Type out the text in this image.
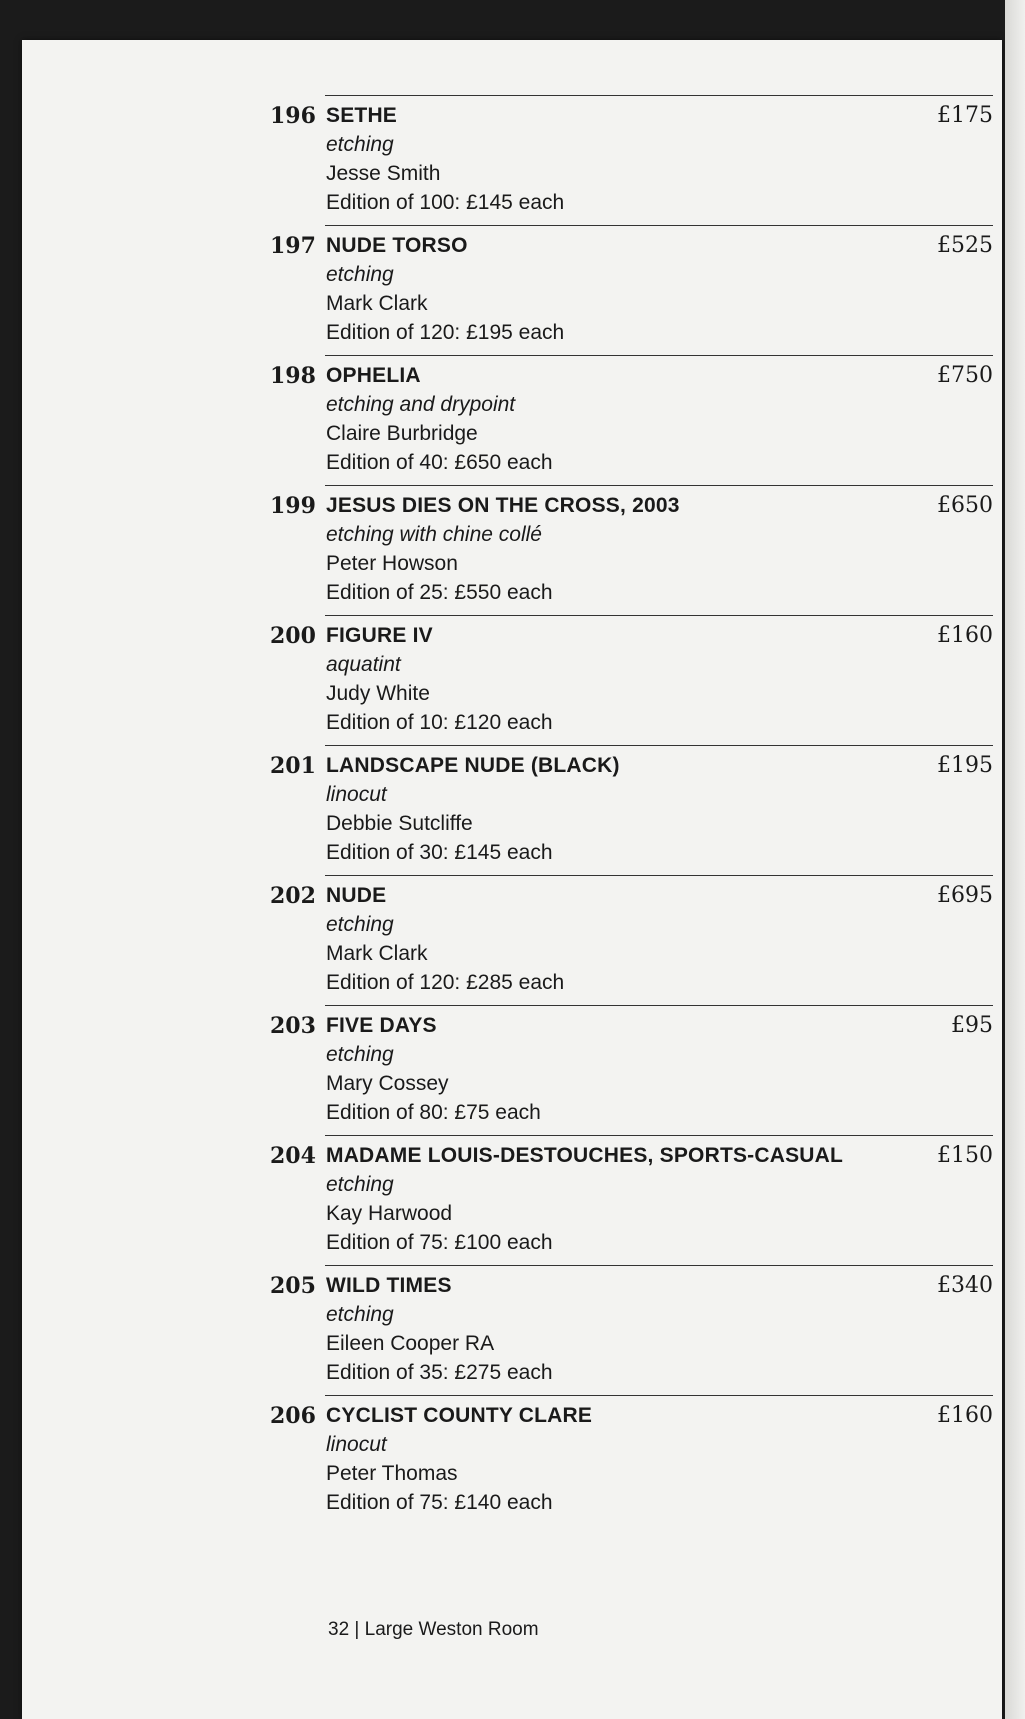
196 SETHE	£175
etching
Jesse Smith
Edition of 100: £145 each
197 NUDE TORSO	£525
etching
Mark Clark
Edition of 120: £195 each
198 OPHELIA	£750
etching and drypoint
Claire Burbridge
Edition of 40: £650 each
199 JESUS DIES ON THE CROSS, 2003	£650
etching with chine collé
Peter Howson
Edition of 25: £550 each
200 FIGURE IV	£160
aquatint
Judy White
Edition of 10: £120 each
201 LANDSCAPE NUDE (BLACK)	£195
linocut
Debbie Sutcliffe
Edition of 30: £145 each
202 NUDE	£695
etching
Mark Clark
Edition of 120: £285 each
203 FIVE DAYS	£95
etching
Mary Cossey
Edition of 80: £75 each
204 MADAME LOUIS-DESTOUCHES, SPORTS-CASUAL	£150
etching
Kay Harwood
Edition of 75: £100 each
205 WILD TIMES	£340
etching
Eileen Cooper RA
Edition of 35: £275 each
206 CYCLIST COUNTY CLARE	£160
linocut
Peter Thomas
Edition of 75: £140 each
32 | Large Weston Room
